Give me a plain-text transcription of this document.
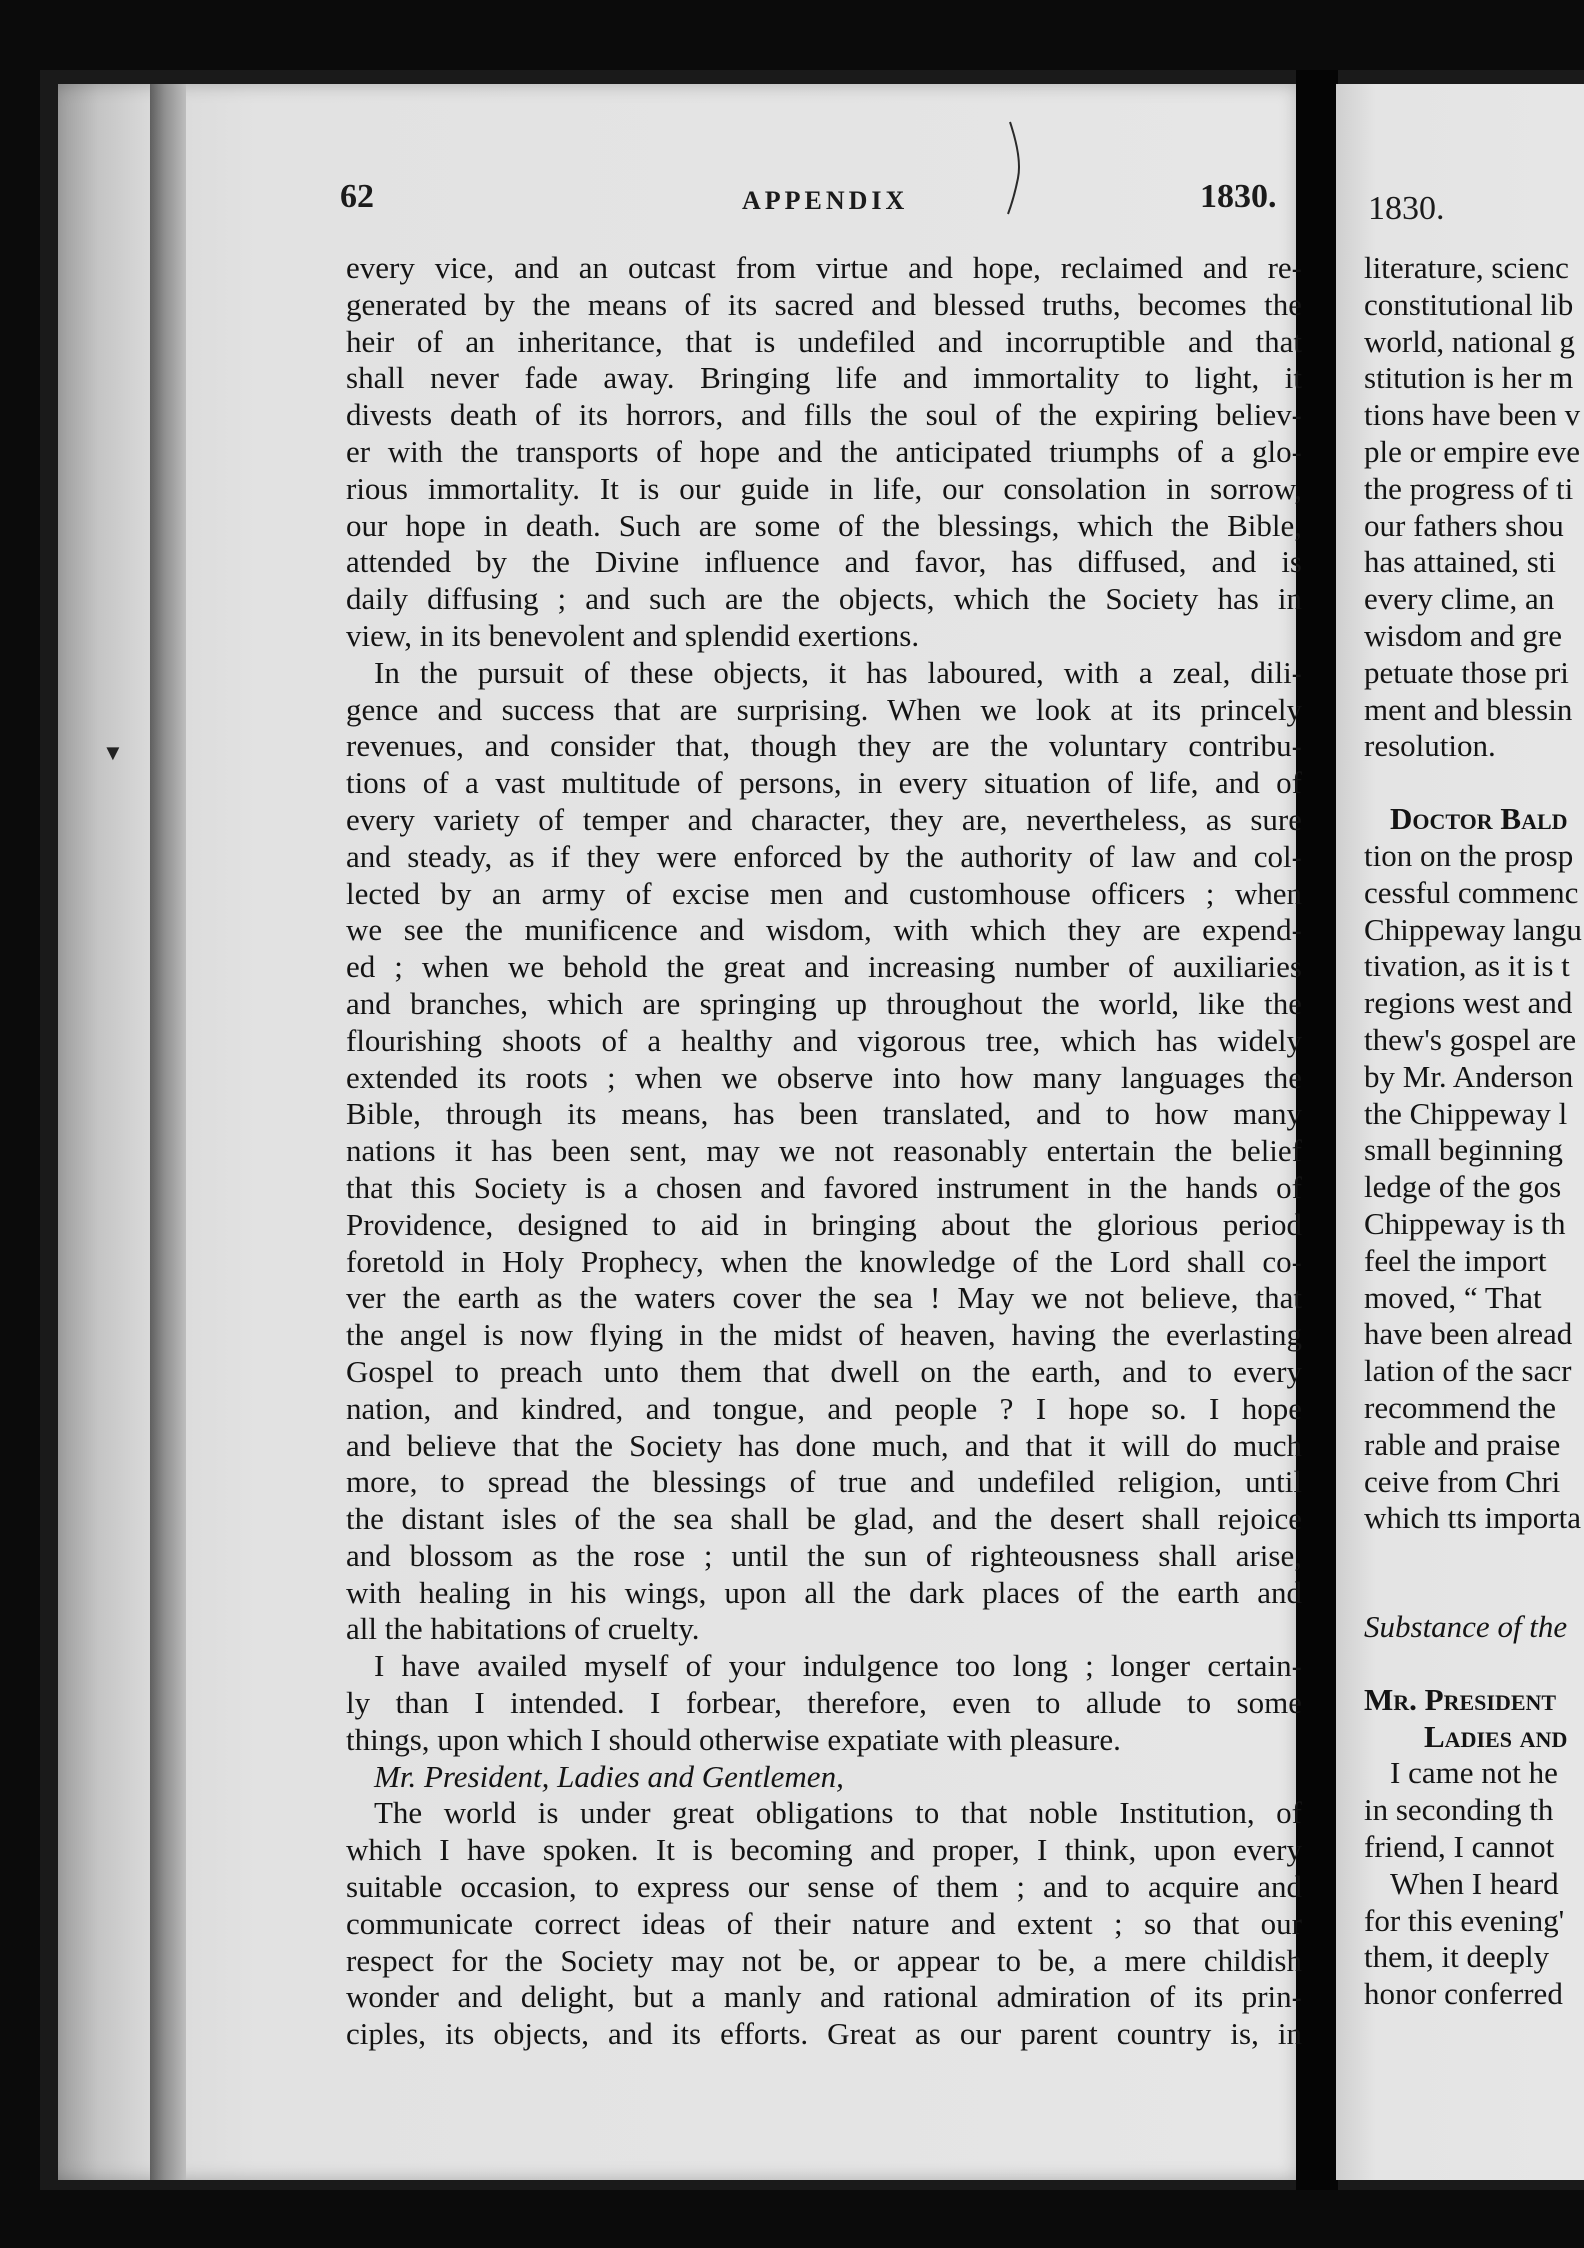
62	APPENDIX	1830.	1830.
▼
every vice, and an outcast from virtue and hope, reclaimed and re-
generated by the means of its sacred and blessed truths, becomes the
heir of an inheritance, that is undefiled and incorruptible and that
shall never fade away. Bringing life and immortality to light, it
divests death of its horrors, and fills the soul of the expiring believ-
er with the transports of hope and the anticipated triumphs of a glo-
rious immortality. It is our guide in life, our consolation in sorrow,
our hope in death. Such are some of the blessings, which the Bible,
attended by the Divine influence and favor, has diffused, and is
daily diffusing ; and such are the objects, which the Society has in
view, in its benevolent and splendid exertions.
In the pursuit of these objects, it has laboured, with a zeal, dili-
gence and success that are surprising. When we look at its princely
revenues, and consider that, though they are the voluntary contribu-
tions of a vast multitude of persons, in every situation of life, and of
every variety of temper and character, they are, nevertheless, as sure
and steady, as if they were enforced by the authority of law and col-
lected by an army of excise men and customhouse officers ; when
we see the munificence and wisdom, with which they are expend-
ed ; when we behold the great and increasing number of auxiliaries
and branches, which are springing up throughout the world, like the
flourishing shoots of a healthy and vigorous tree, which has widely
extended its roots ; when we observe into how many languages the
Bible, through its means, has been translated, and to how many
nations it has been sent, may we not reasonably entertain the belief
that this Society is a chosen and favored instrument in the hands of
Providence, designed to aid in bringing about the glorious period
foretold in Holy Prophecy, when the knowledge of the Lord shall co-
ver the earth as the waters cover the sea ! May we not believe, that
the angel is now flying in the midst of heaven, having the everlasting
Gospel to preach unto them that dwell on the earth, and to every
nation, and kindred, and tongue, and people ? I hope so. I hope
and believe that the Society has done much, and that it will do much
more, to spread the blessings of true and undefiled religion, until
the distant isles of the sea shall be glad, and the desert shall rejoice
and blossom as the rose ; until the sun of righteousness shall arise,
with healing in his wings, upon all the dark places of the earth and
all the habitations of cruelty.
I have availed myself of your indulgence too long ; longer certain-
ly than I intended. I forbear, therefore, even to allude to some
things, upon which I should otherwise expatiate with pleasure.
Mr. President, Ladies and Gentlemen,
The world is under great obligations to that noble Institution, of
which I have spoken. It is becoming and proper, I think, upon every
suitable occasion, to express our sense of them ; and to acquire and
communicate correct ideas of their nature and extent ; so that our
respect for the Society may not be, or appear to be, a mere childish
wonder and delight, but a manly and rational admiration of its prin-
ciples, its objects, and its efforts. Great as our parent country is, in
literature, scienc
constitutional lib
world, national g
stitution is her m
tions have been v
ple or empire eve
the progress of ti
our fathers shou
has attained, sti
every clime, an
wisdom and gre
petuate those pri
ment and blessin
resolution.
Doctor Bald
tion on the prosp
cessful commenc
Chippeway langu
tivation, as it is t
regions west and
thew's gospel are
by Mr. Anderson
the Chippeway l
small beginning
ledge of the gos
Chippeway is th
feel the import
moved, “ That
have been alread
lation of the sacr
recommend the
rable and praise
ceive from Chri
which tts importa
Substance of the
Mr. President
Ladies and
I came not he
in seconding th
friend, I cannot
When I heard
for this evening'
them, it deeply
honor conferred
